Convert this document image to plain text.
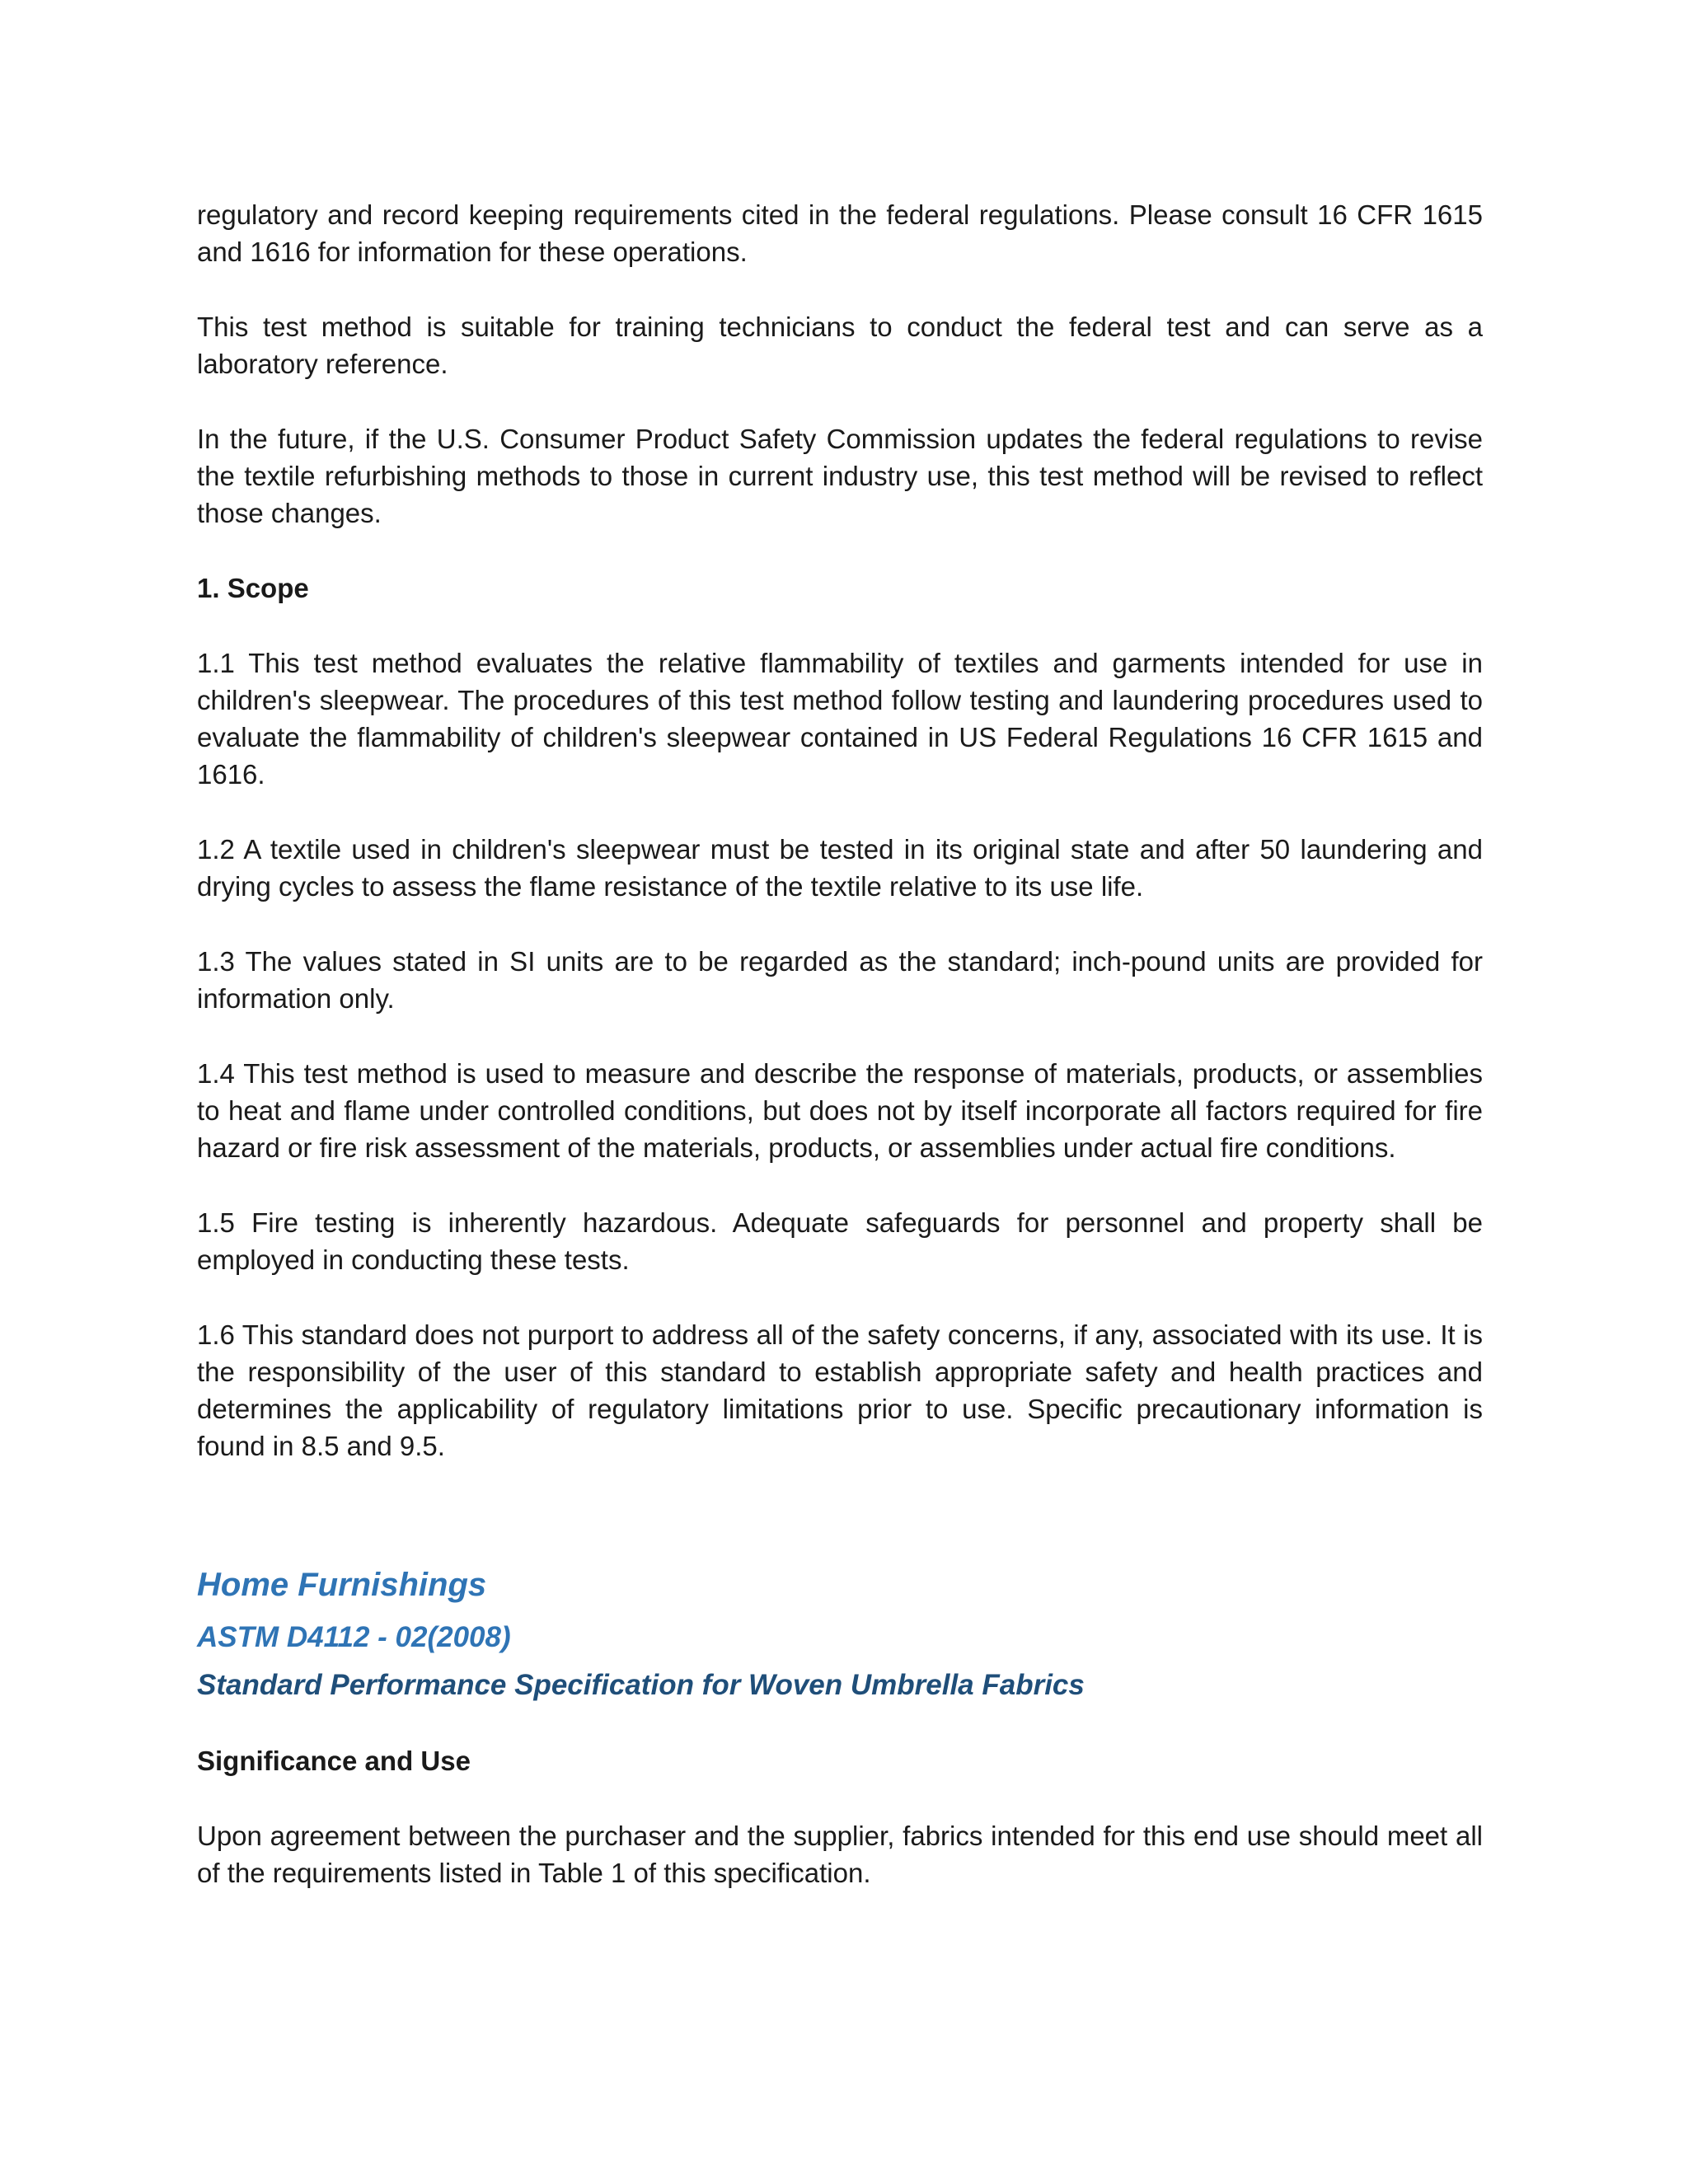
regulatory and record keeping requirements cited in the federal regulations. Please consult 16 CFR 1615 and 1616 for information for these operations.

This test method is suitable for training technicians to conduct the federal test and can serve as a laboratory reference.

In the future, if the U.S. Consumer Product Safety Commission updates the federal regulations to revise the textile refurbishing methods to those in current industry use, this test method will be revised to reflect those changes.

1. Scope

1.1 This test method evaluates the relative flammability of textiles and garments intended for use in children's sleepwear. The procedures of this test method follow testing and laundering procedures used to evaluate the flammability of children's sleepwear contained in US Federal Regulations 16 CFR 1615 and 1616.

1.2 A textile used in children's sleepwear must be tested in its original state and after 50 laundering and drying cycles to assess the flame resistance of the textile relative to its use life.

1.3 The values stated in SI units are to be regarded as the standard; inch-pound units are provided for information only.

1.4 This test method is used to measure and describe the response of materials, products, or assemblies to heat and flame under controlled conditions, but does not by itself incorporate all factors required for fire hazard or fire risk assessment of the materials, products, or assemblies under actual fire conditions.

1.5 Fire testing is inherently hazardous. Adequate safeguards for personnel and property shall be employed in conducting these tests.

1.6 This standard does not purport to address all of the safety concerns, if any, associated with its use. It is the responsibility of the user of this standard to establish appropriate safety and health practices and determines the applicability of regulatory limitations prior to use. Specific precautionary information is found in 8.5 and 9.5.

Home Furnishings

ASTM D4112 - 02(2008)

Standard Performance Specification for Woven Umbrella Fabrics

Significance and Use

Upon agreement between the purchaser and the supplier, fabrics intended for this end use should meet all of the requirements listed in Table 1 of this specification.
